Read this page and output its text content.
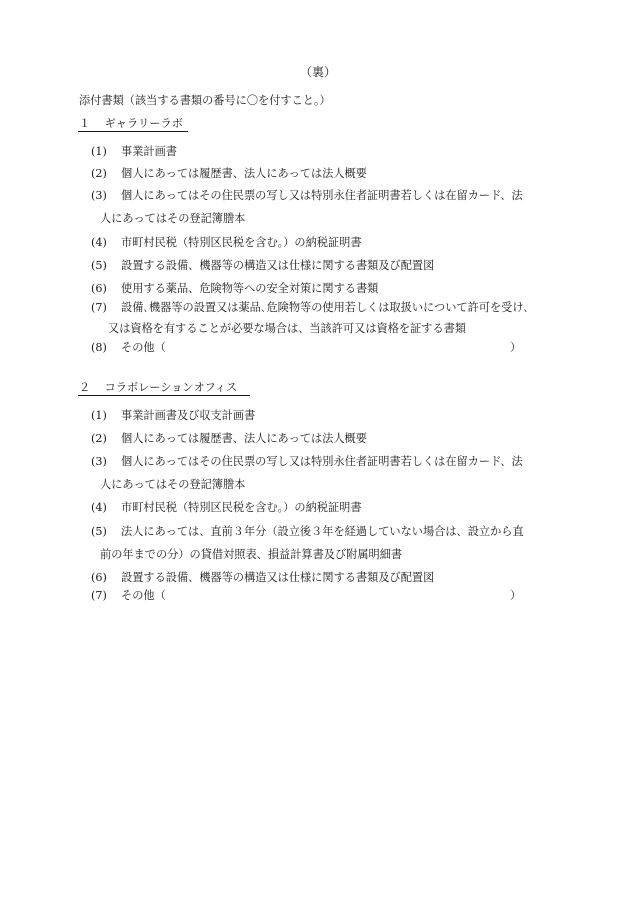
（裏）
添付書類（該当する書類の番号に〇を付すこと。）
１ ギャラリーラボ
(1) 事業計画書
(2) 個人にあっては履歴書、法人にあっては法人概要
(3) 個人にあってはその住民票の写し又は特別永住者証明書若しくは在留カード、法
人にあってはその登記簿謄本
(4) 市町村民税（特別区民税を含む。）の納税証明書
(5) 設置する設備、機器等の構造又は仕様に関する書類及び配置図
(6) 使用する薬品、危険物等への安全対策に関する書類
(7) 設備､機器等の設置又は薬品､危険物等の使用若しくは取扱いについて許可を受け､
又は資格を有することが必要な場合は、当該許可又は資格を証する書類
(8) その他（	）
２ コラボレーションオフィス
(1) 事業計画書及び収支計画書
(2) 個人にあっては履歴書、法人にあっては法人概要
(3) 個人にあってはその住民票の写し又は特別永住者証明書若しくは在留カード、法
人にあってはその登記簿謄本
(4) 市町村民税（特別区民税を含む。）の納税証明書
(5) 法人にあっては、直前３年分（設立後３年を経過していない場合は、設立から直
前の年までの分）の貸借対照表、損益計算書及び附属明細書
(6) 設置する設備、機器等の構造又は仕様に関する書類及び配置図
(7) その他（	）
